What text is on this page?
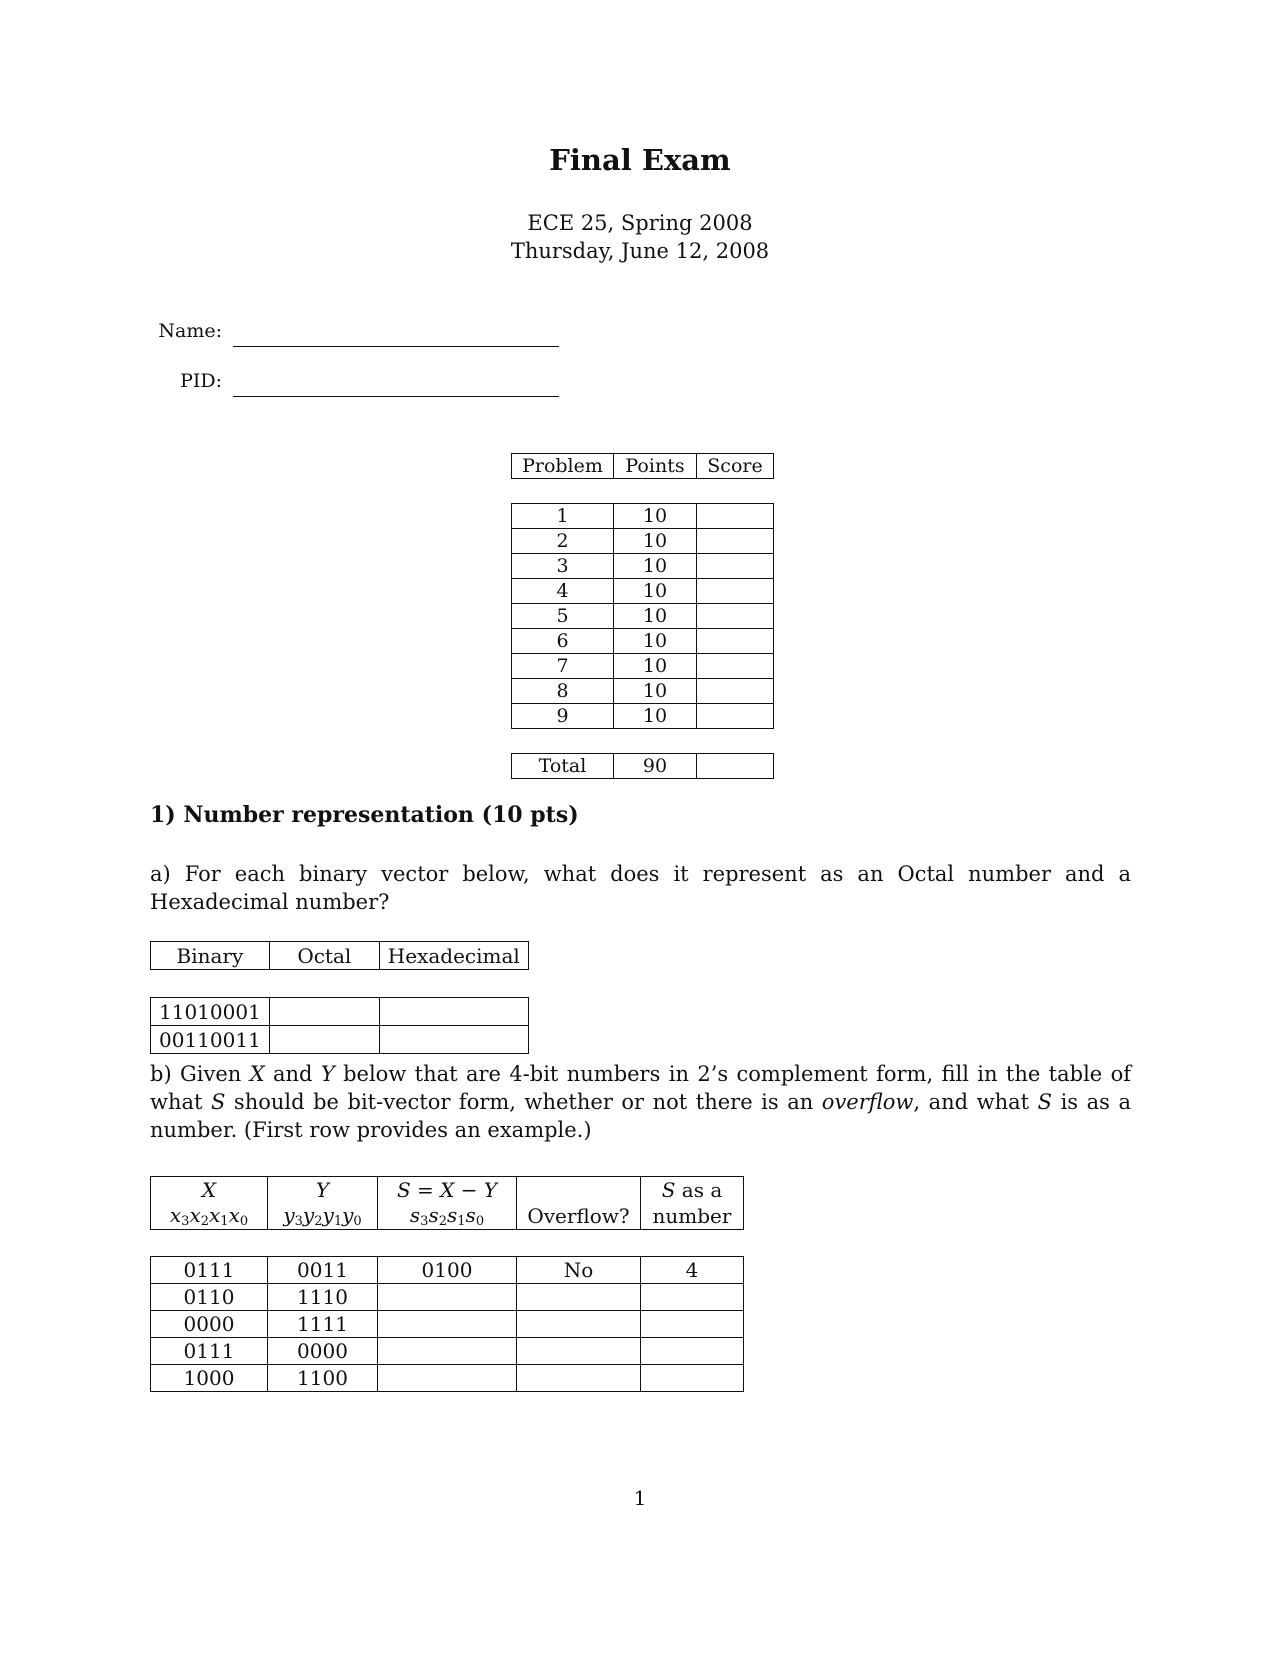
Final Exam
ECE 25, Spring 2008
Thursday, June 12, 2008
Name:
PID:
Problem	Points	Score

1	10	
2	10	
3	10	
4	10	
5	10	
6	10	
7	10	
8	10	
9	10	

Total	90	
1) Number representation (10 pts)
a) For each binary vector below, what does it represent as an Octal number and a Hexadecimal number?
Binary	Octal	Hexadecimal

11010001		
00110011		
b) Given X and Y below that are 4-bit numbers in 2’s complement form, fill in the table of what S should be bit-vector form, whether or not there is an overflow, and what S is as a number. (First row provides an example.)
X	Y	S = X − Y		S as a
$x_3x_2x_1x_0$	$y_3y_2y_1y_0$	$s_3s_2s_1s_0$	Overflow?	number

0111	0011	0100	No	4
0110	1110			
0000	1111			
0111	0000			
1000	1100			
1
